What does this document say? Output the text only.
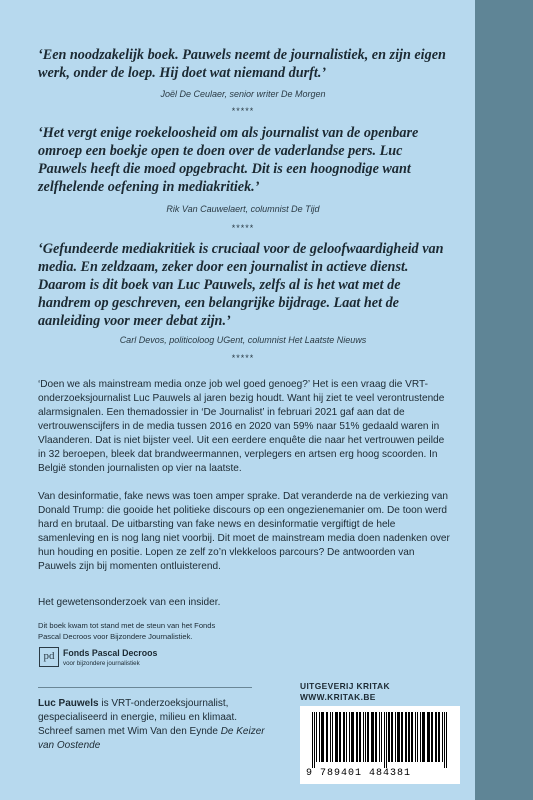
‘Een noodzakelijk boek. Pauwels neemt de journalistiek, en zijn eigen werk, onder de loep. Hij doet wat niemand durft.’
Joël De Ceulaer, senior writer De Morgen
*****
‘Het vergt enige roekeloosheid om als journalist van de openbare omroep een boekje open te doen over de vaderlandse pers. Luc Pauwels heeft die moed opgebracht. Dit is een hoognodige want zelfhelende oefening in mediakritiek.’
Rik Van Cauwelaert, columnist De Tijd
*****
‘Gefundeerde mediakritiek is cruciaal voor de geloofwaardigheid van media. En zeldzaam, zeker door een journalist in actieve dienst. Daarom is dit boek van Luc Pauwels, zelfs al is het wat met de handrem op geschreven, een belangrijke bijdrage. Laat het de aanleiding voor meer debat zijn.’
Carl Devos, politicoloog UGent, columnist Het Laatste Nieuws
*****
‘Doen we als mainstream media onze job wel goed genoeg?’ Het is een vraag die VRT-onderzoeksjournalist Luc Pauwels al jaren bezig houdt. Want hij ziet te veel verontrustende alarmsignalen. Een themadossier in ‘De Journalist’ in februari 2021 gaf aan dat de vertrouwenscijfers in de media tussen 2016 en 2020 van 59% naar 51% gedaald waren in Vlaanderen. Dat is niet bijster veel. Uit een eerdere enquête die naar het vertrouwen peilde in 32 beroepen, bleek dat brandweermannen, verplegers en artsen erg hoog scoorden. In België stonden journalisten op vier na laatste.
Van desinformatie, fake news was toen amper sprake. Dat veranderde na de verkiezing van Donald Trump: die gooide het politieke discours op een ongezienemanier om. De toon werd hard en brutaal. De uitbarsting van fake news en desinformatie vergiftigt de hele samenleving en is nog lang niet voorbij. Dit moet de mainstream media doen nadenken over hun houding en positie. Lopen ze zelf zo’n vlekkeloos parcours? De antwoorden van Pauwels zijn bij momenten ontluisterend.
Het gewetensonderzoek van een insider.
Dit boek kwam tot stand met de steun van het Fonds Pascal Decroos voor Bijzondere Journalistiek.
pd Fonds Pascal Decroos
voor bijzondere journalistiek
Luc Pauwels is VRT-onderzoeksjournalist, gespecialiseerd in energie, milieu en klimaat. Schreef samen met Wim Van den Eynde De Keizer van Oostende
UITGEVERIJ KRITAK
WWW.KRITAK.BE
9 789401 484381
